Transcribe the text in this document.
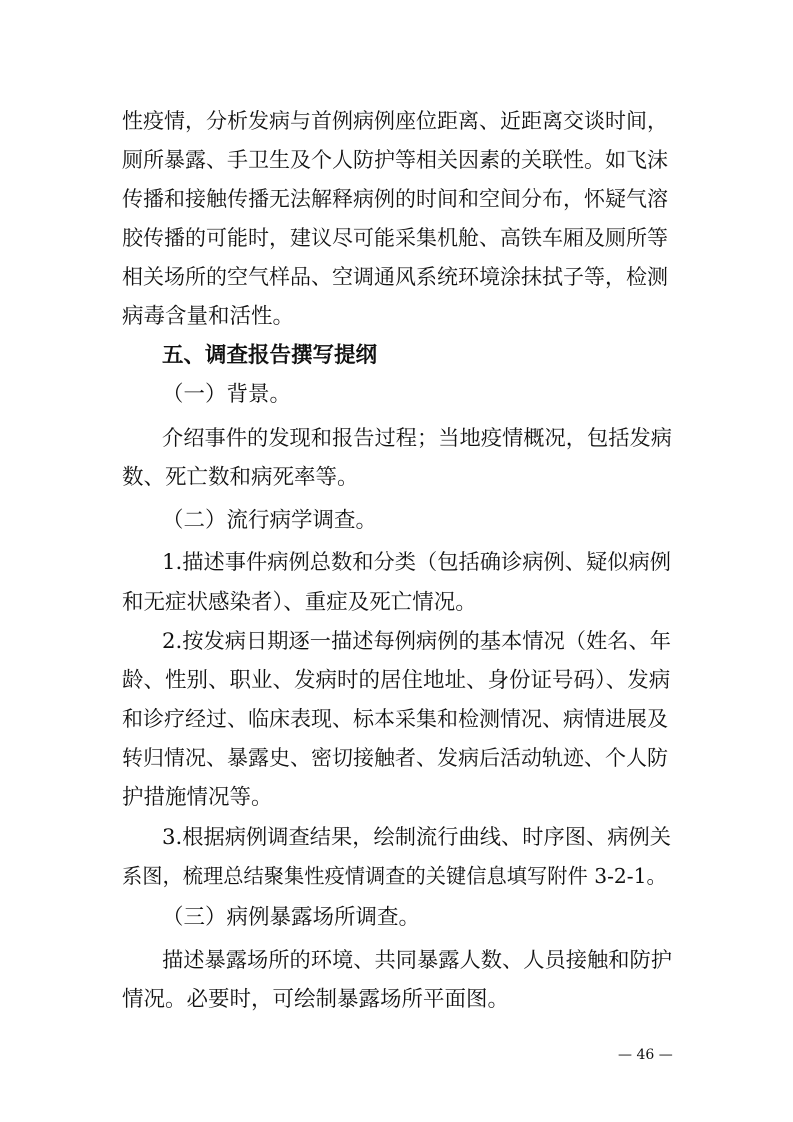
性疫情，分析发病与首例病例座位距离、近距离交谈时间，
厕所暴露、手卫生及个人防护等相关因素的关联性。如飞沫
传播和接触传播无法解释病例的时间和空间分布，怀疑气溶
胶传播的可能时，建议尽可能采集机舱、高铁车厢及厕所等
相关场所的空气样品、空调通风系统环境涂抹拭子等，检测
病毒含量和活性。
五、调查报告撰写提纲
（一）背景。
介绍事件的发现和报告过程；当地疫情概况，包括发病
数、死亡数和病死率等。
（二）流行病学调查。
1.描述事件病例总数和分类（包括确诊病例、疑似病例
和无症状感染者）、重症及死亡情况。
2.按发病日期逐一描述每例病例的基本情况（姓名、年
龄、性别、职业、发病时的居住地址、身份证号码）、发病
和诊疗经过、临床表现、标本采集和检测情况、病情进展及
转归情况、暴露史、密切接触者、发病后活动轨迹、个人防
护措施情况等。
3.根据病例调查结果，绘制流行曲线、时序图、病例关
系图，梳理总结聚集性疫情调查的关键信息填写附件 3-2-1。
（三）病例暴露场所调查。
描述暴露场所的环境、共同暴露人数、人员接触和防护
情况。必要时，可绘制暴露场所平面图。
— 46 —
